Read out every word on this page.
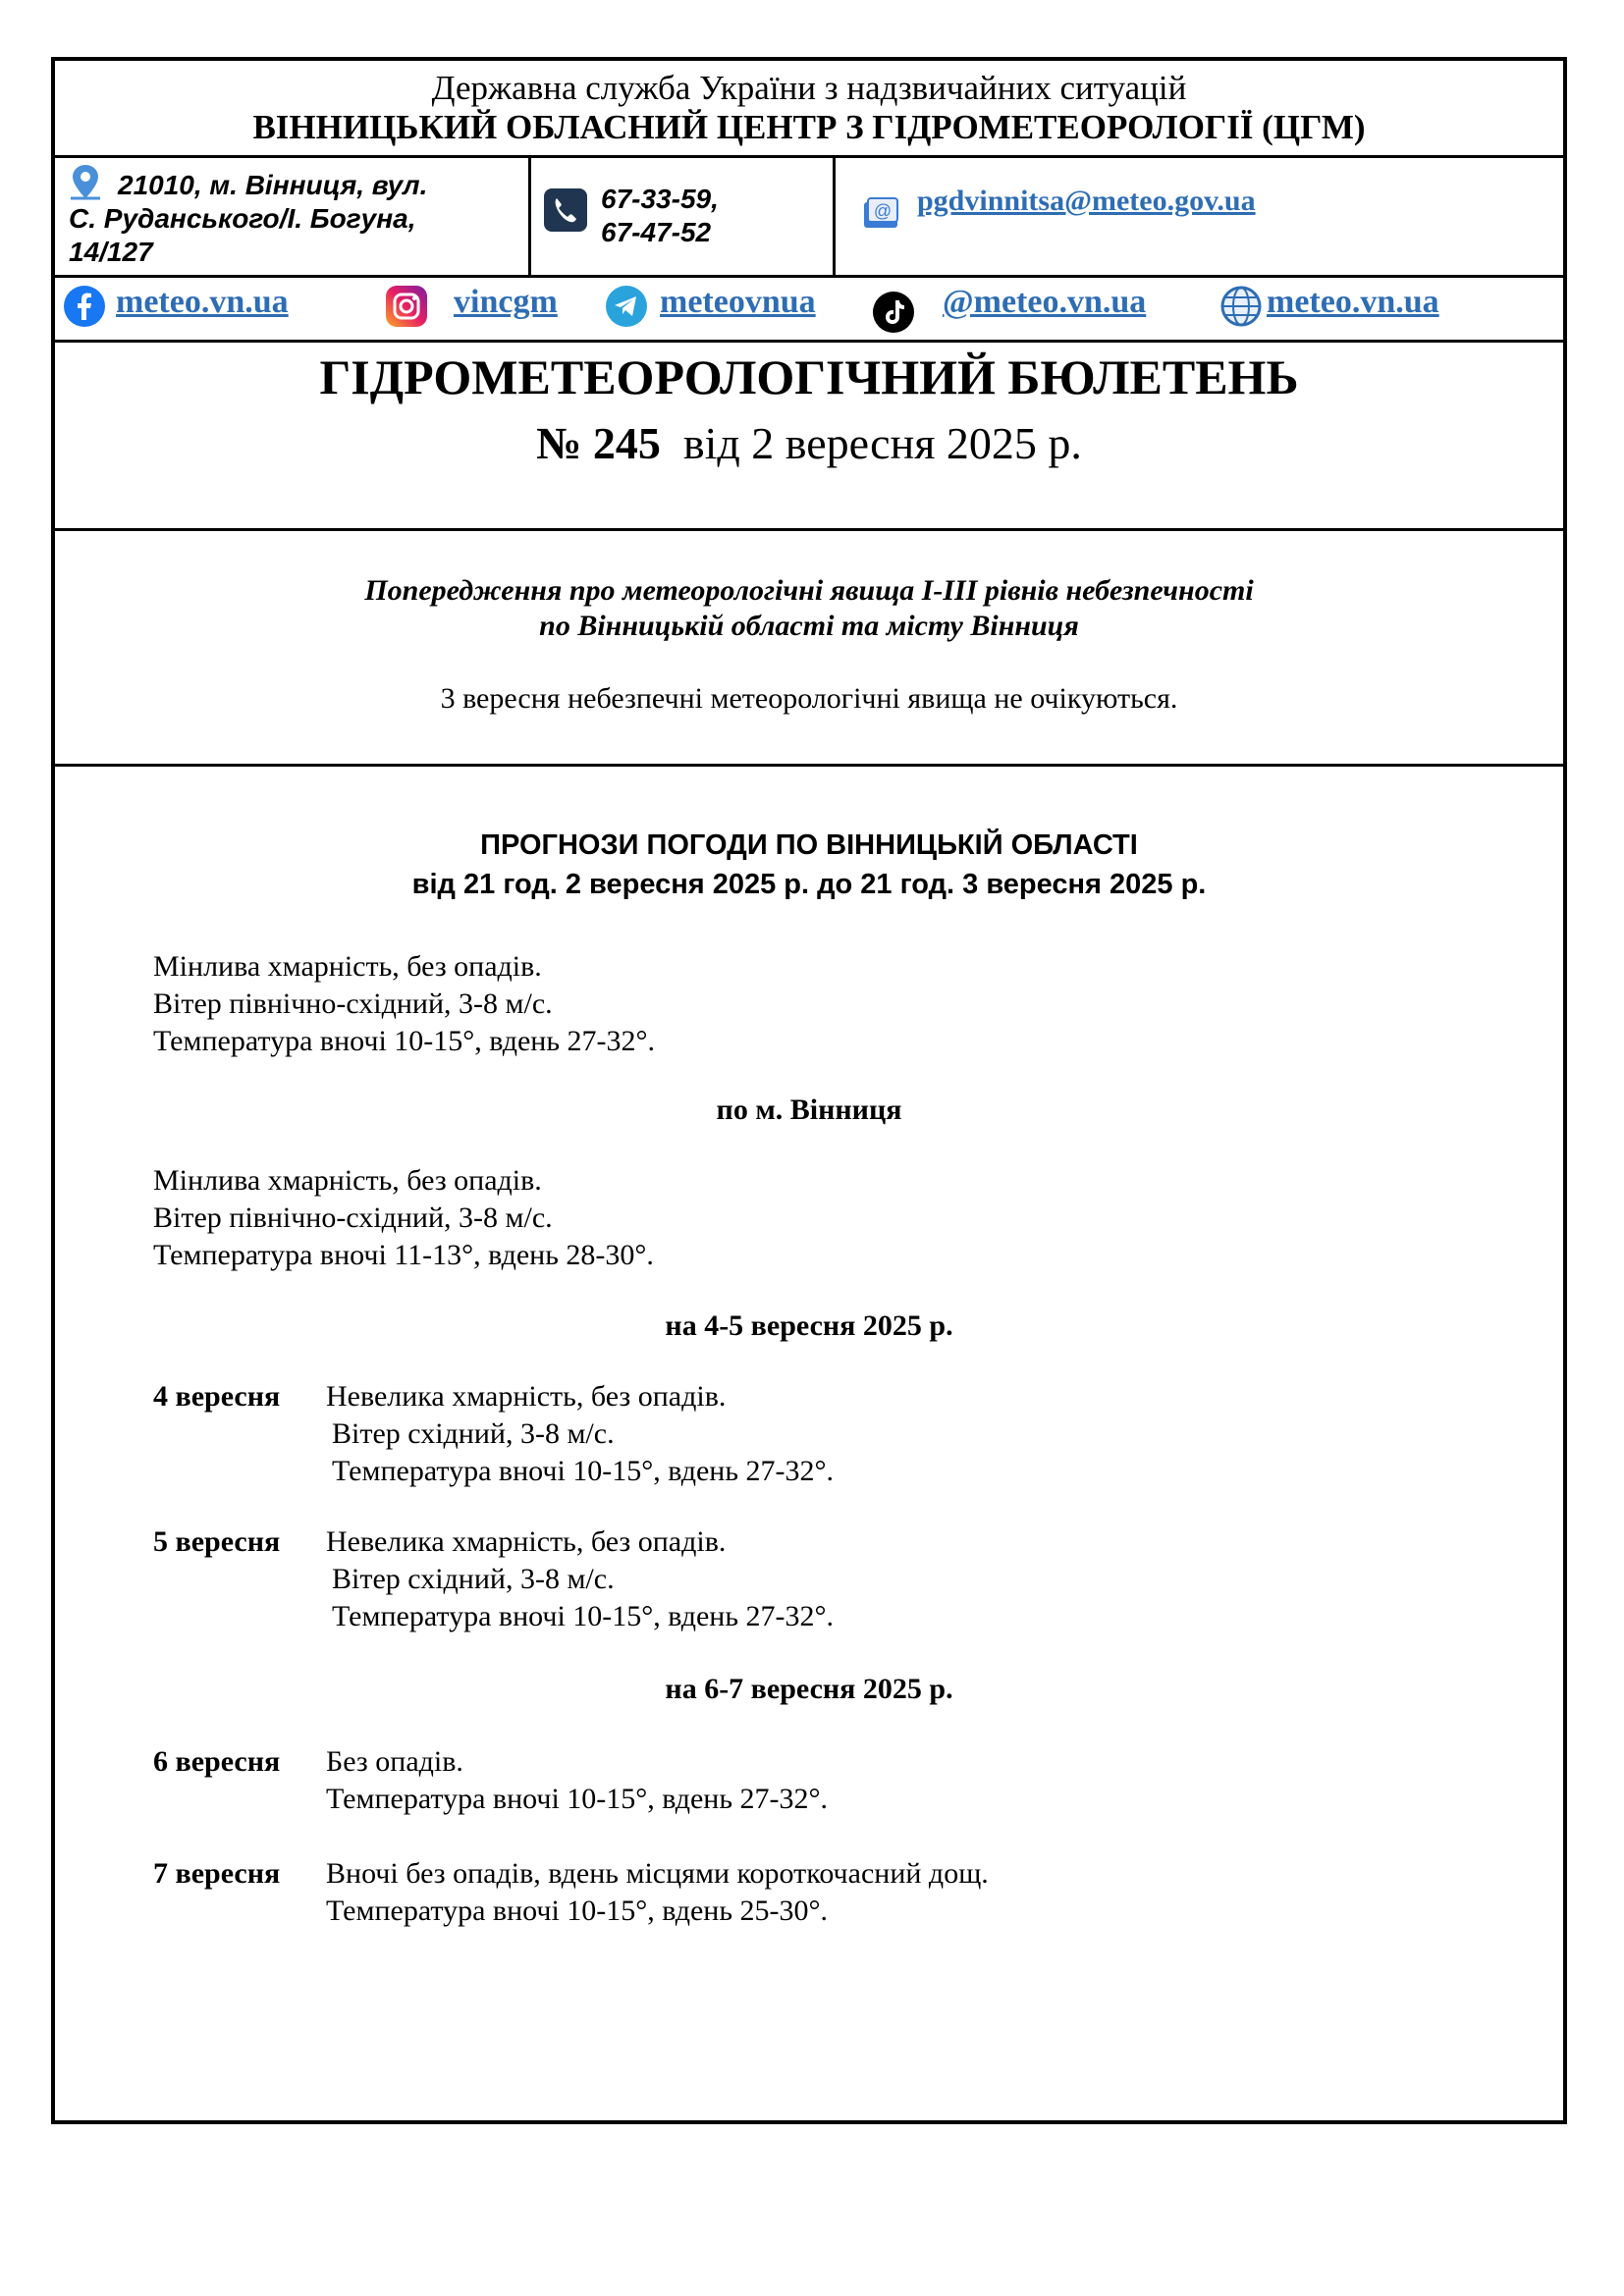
Державна служба України з надзвичайних ситуацій
ВІННИЦЬКИЙ ОБЛАСНИЙ ЦЕНТР З ГІДРОМЕТЕОРОЛОГІЇ (ЦГМ)
21010, м. Вінниця, вул.
С. Руданського/І. Богуна,
14/127
67-33-59,
67-47-52
@ pgdvinnitsa@meteo.gov.ua
meteo.vn.ua	vincgm	meteovnua	@meteo.vn.ua	meteo.vn.ua
ГІДРОМЕТЕОРОЛОГІЧНИЙ БЮЛЕТЕНЬ
№ 245 від 2 вересня 2025 р.
Попередження про метеорологічні явища I-III рівнів небезпечності
по Вінницькій області та місту Вінниця
3 вересня небезпечні метеорологічні явища не очікуються.
ПРОГНОЗИ ПОГОДИ ПО ВІННИЦЬКІЙ ОБЛАСТІ
від 21 год. 2 вересня 2025 р. до 21 год. 3 вересня 2025 р.
Мінлива хмарність, без опадів.
Вітер північно-східний, 3-8 м/с.
Температура вночі 10-15°, вдень 27-32°.
по м. Вінниця
Мінлива хмарність, без опадів.
Вітер північно-східний, 3-8 м/с.
Температура вночі 11-13°, вдень 28-30°.
на 4-5 вересня 2025 р.
4 вересня Невелика хмарність, без опадів.
Вітер східний, 3-8 м/с.
Температура вночі 10-15°, вдень 27-32°.
5 вересня Невелика хмарність, без опадів.
Вітер східний, 3-8 м/с.
Температура вночі 10-15°, вдень 27-32°.
на 6-7 вересня 2025 р.
6 вересня Без опадів.
Температура вночі 10-15°, вдень 27-32°.
7 вересня Вночі без опадів, вдень місцями короткочасний дощ.
Температура вночі 10-15°, вдень 25-30°.
